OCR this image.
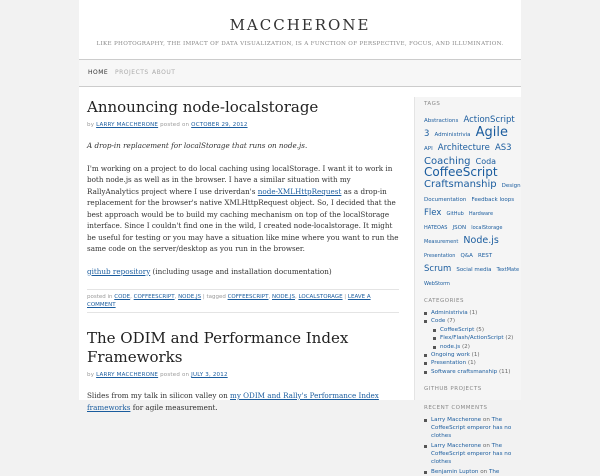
MACCHERONE
LIKE PHOTOGRAPHY, THE IMPACT OF DATA VISUALIZATION, IS A FUNCTION OF PERSPECTIVE, FOCUS, AND ILLUMINATION.
HOME PROJECTS ABOUT
Announcing node-localstorage
by LARRY MACCHERONE posted on OCTOBER 29, 2012

A drop-in replacement for localStorage that runs on node.js.

I'm working on a project to do local caching using localStorage. I want it to work in both node.js as well as in the browser. I have a similar situation with my RallyAnalytics project where I use driverdan's node-XMLHttpRequest as a drop-in replacement for the browser's native XMLHttpRequest object. So, I decided that the best approach would be to build my caching mechanism on top of the localStorage interface. Since I couldn't find one in the wild, I created node-localstorage. It might be useful for testing or you may have a situation like mine where you want to run the same code on the server/desktop as you run in the browser.

github repository (including usage and installation documentation)

posted in CODE, COFFEESCRIPT, NODE.JS | tagged COFFEESCRIPT, NODE.JS, LOCALSTORAGE | LEAVE A COMMENT
The ODIM and Performance Index Frameworks
by LARRY MACCHERONE posted on JULY 3, 2012

Slides from my talk in silicon valley on my ODIM and Rally's Performance Index frameworks for agile measurement.

TAGS
Abstractions ActionScript 3 Administrivia Agile API Architecture AS3 Coaching Coda CoffeeScript Craftsmanship Design Documentation Feedback loops Flex GitHub Hardware HATEOAS JSON localStorage Measurement Node.js Presentation Q&A REST Scrum Social media TextMate WebStorm
CATEGORIES
Administrivia (1)
Code (7)
CoffeeScript (5)
Flex/Flash/ActionScript (2)
node.js (2)
Ongoing work (1)
Presentation (1)
Software craftsmanship (11)
GITHUB PROJECTS
RECENT COMMENTS
Larry Maccherone on The CoffeeScript emperor has no clothes
Larry Maccherone on The CoffeeScript emperor has no clothes
Benjamin Lupton on The
